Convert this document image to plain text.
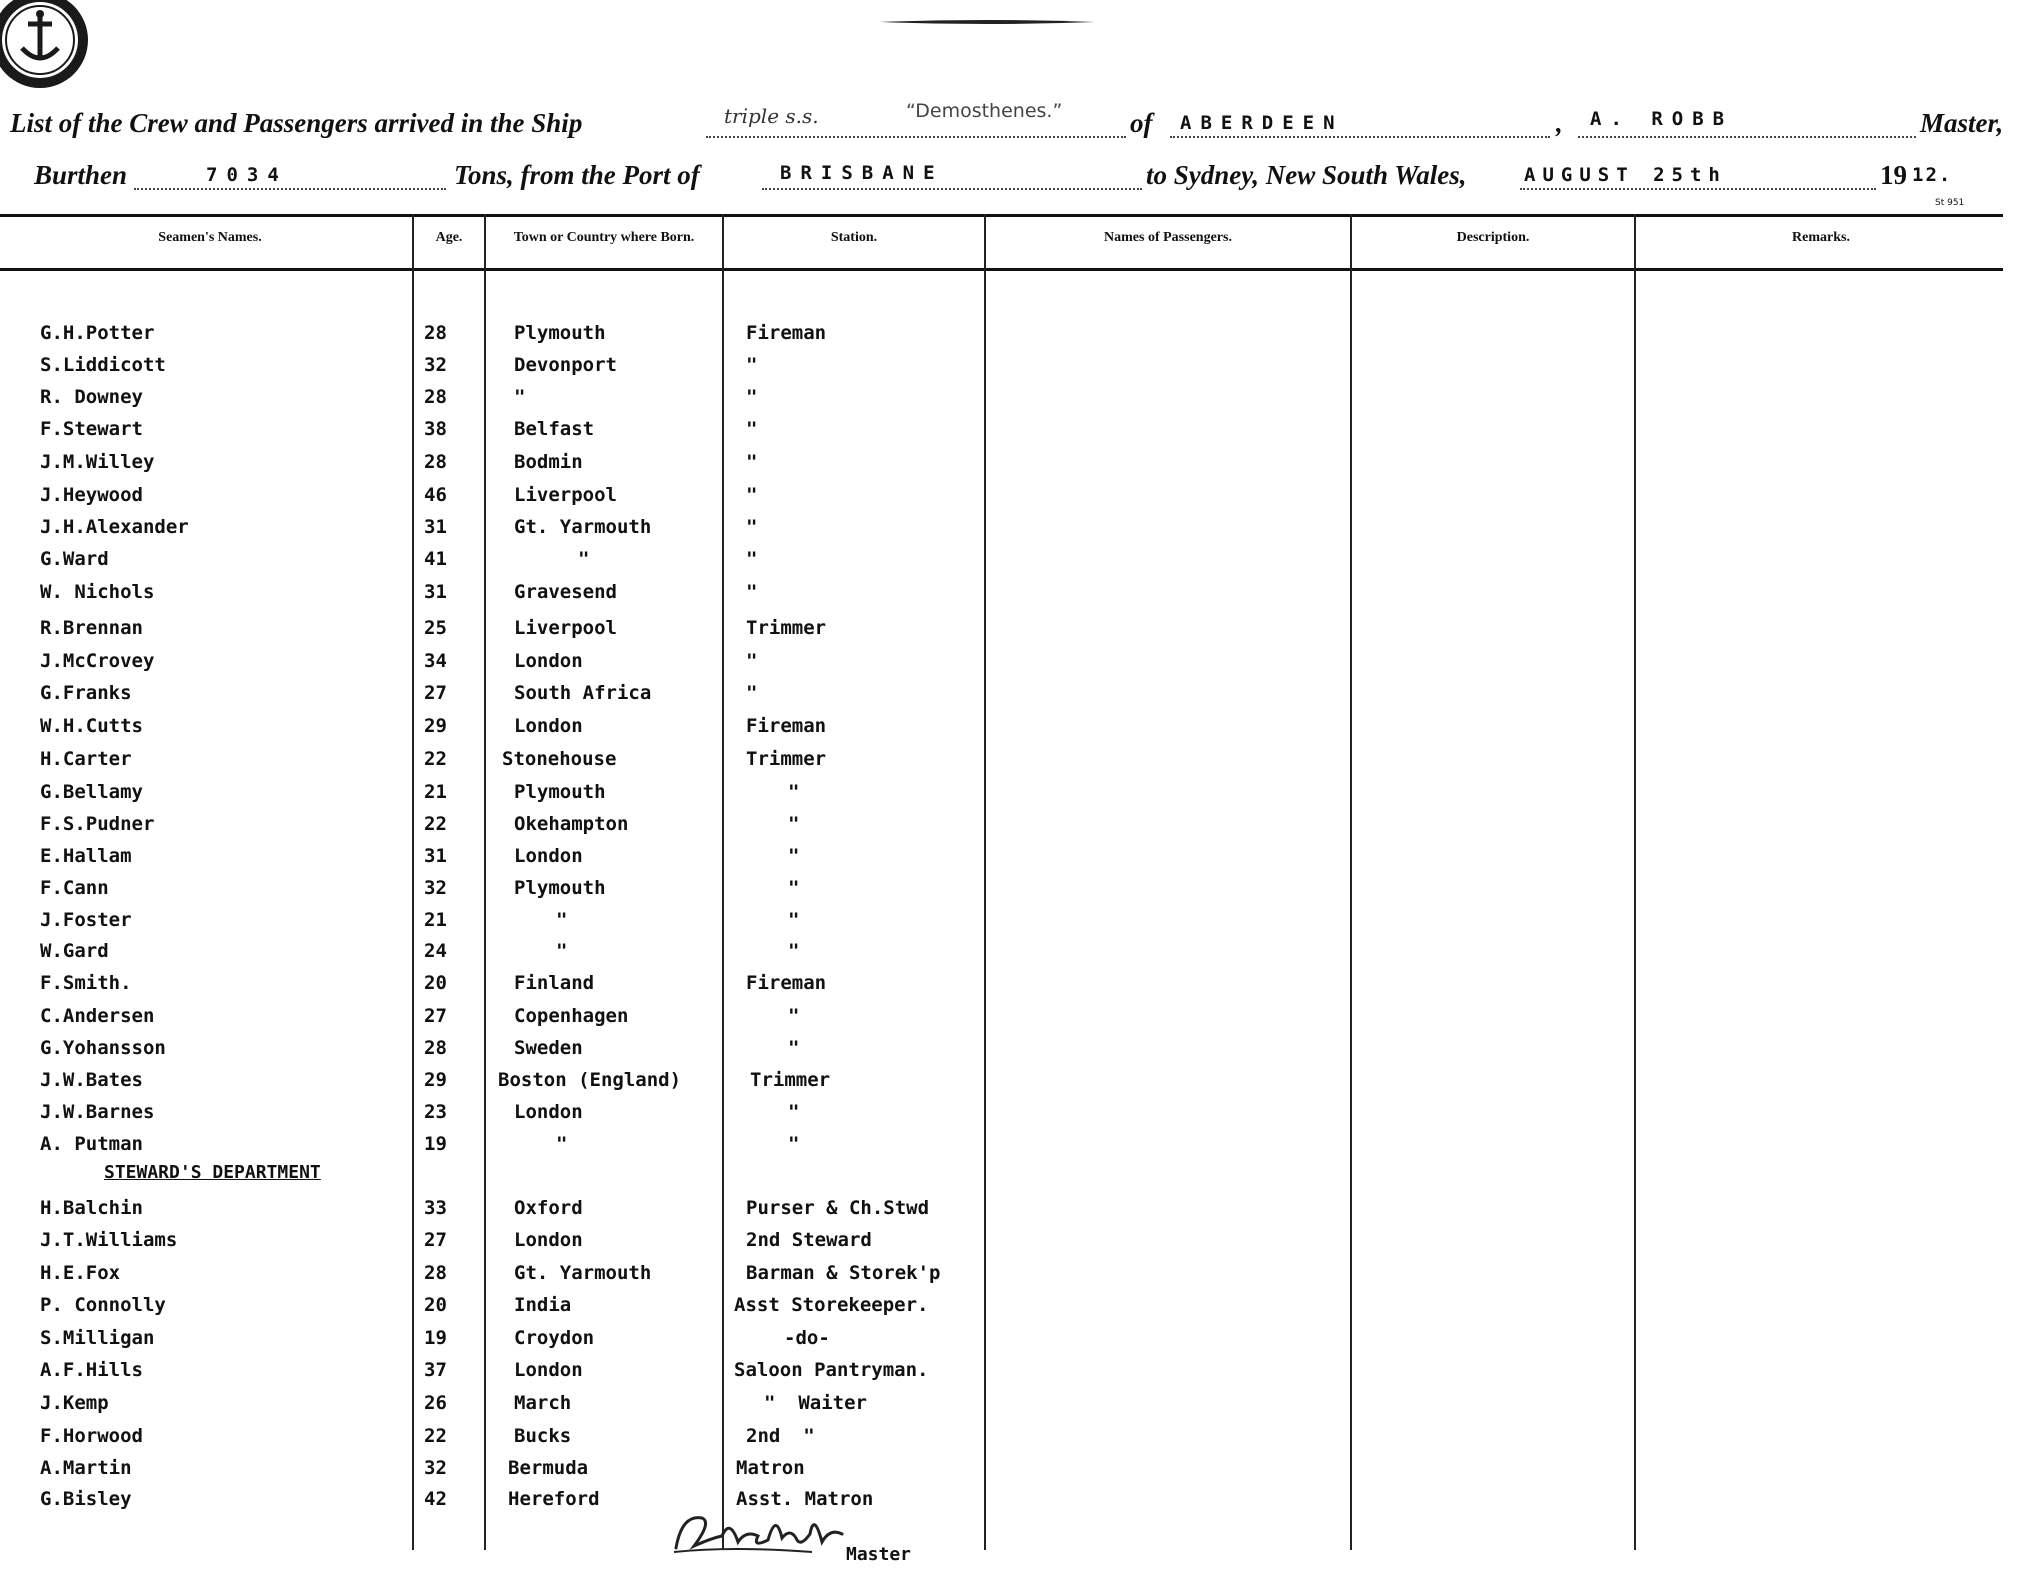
List of the Crew and Passengers arrived in the Ship	triple s.s.	“Demosthenes.”	of ABERDEEN	, A. ROBB	Master,
Burthen	7034	Tons, from the Port of	BRISBANE	to Sydney, New South Wales,	AUGUST 25th	19 12.
St 951
Seamen's Names.	Age.	Town or Country where Born.	Station.	Names of Passengers.	Description.	Remarks.
G.H.Potter	28	Plymouth	Fireman
S.Liddicott	32	Devonport	"
R. Downey	28	"	"
F.Stewart	38	Belfast	"
J.M.Willey	28	Bodmin	"
J.Heywood	46	Liverpool	"
J.H.Alexander	31	Gt. Yarmouth	"
G.Ward	41	"	"
W. Nichols	31	Gravesend	"
R.Brennan	25	Liverpool	Trimmer
J.McCrovey	34	London	"
G.Franks	27	South Africa	"
W.H.Cutts	29	London	Fireman
H.Carter	22	Stonehouse	Trimmer
G.Bellamy	21	Plymouth	"
F.S.Pudner	22	Okehampton	"
E.Hallam	31	London	"
F.Cann	32	Plymouth	"
J.Foster	21	"	"
W.Gard	24	"	"
F.Smith.	20	Finland	Fireman
C.Andersen	27	Copenhagen	"
G.Yohansson	28	Sweden	"
J.W.Bates	29	Boston (England)	Trimmer
J.W.Barnes	23	London	"
A. Putman	19	"	"
STEWARD'S DEPARTMENT
H.Balchin	33	Oxford	Purser & Ch.Stwd
J.T.Williams	27	London	2nd Steward
H.E.Fox	28	Gt. Yarmouth	Barman & Storek'p
P. Connolly	20	India	Asst Storekeeper.
S.Milligan	19	Croydon	-do-
A.F.Hills	37	London	Saloon Pantryman.
J.Kemp	26	March	"  Waiter
F.Horwood	22	Bucks	2nd  "
A.Martin	32	Bermuda	Matron
G.Bisley	42	Hereford	Asst. Matron
Master
